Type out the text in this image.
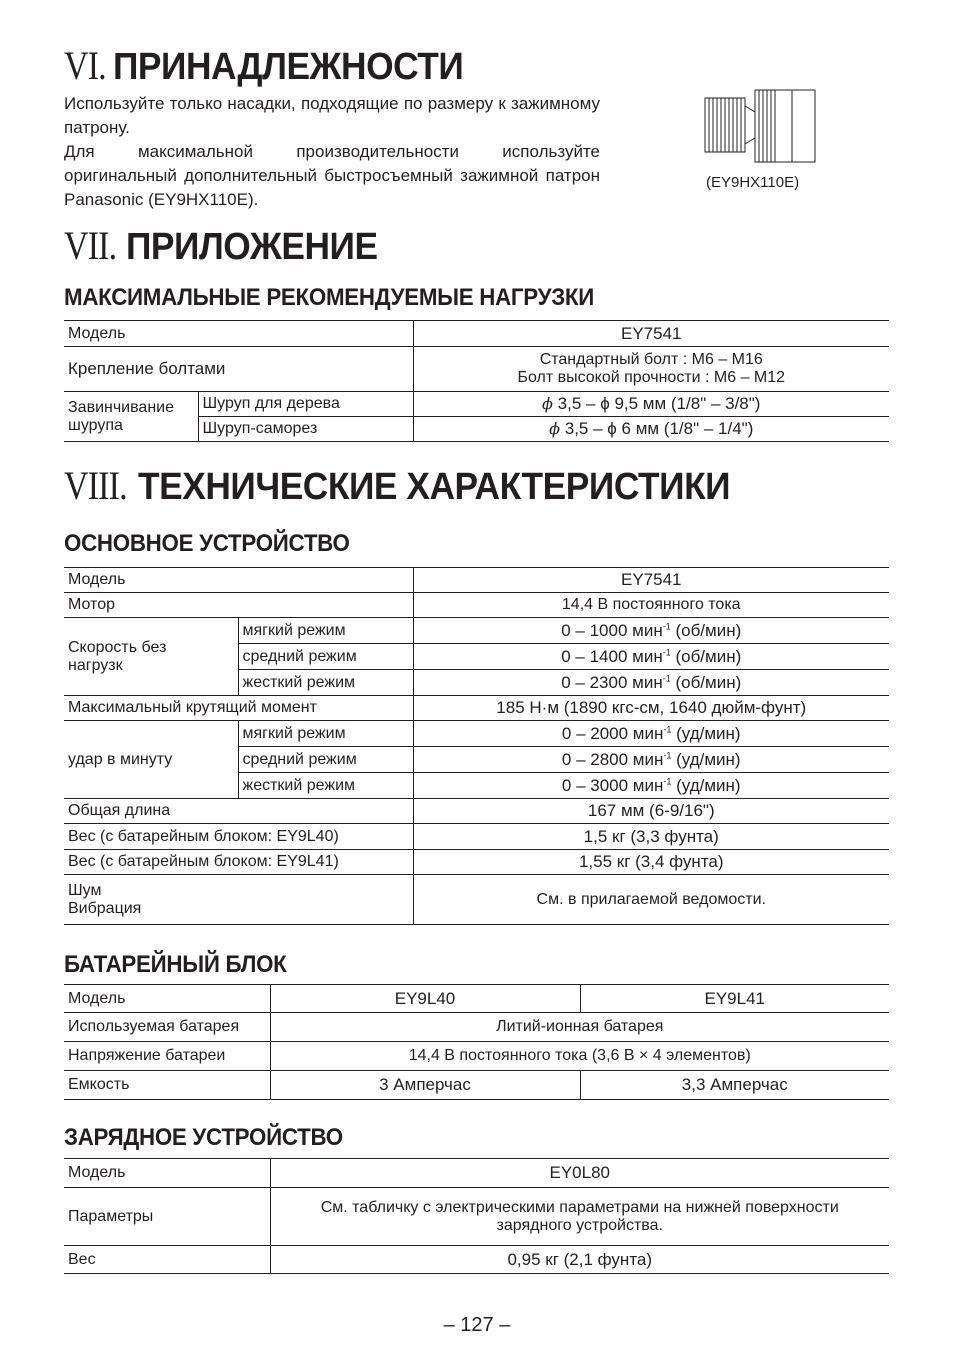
VI. ПРИНАДЛЕЖНОСТИ

Используйте только насадки, подходящие по размеру к зажимному патрону.

Для максимальной производительности используйте оригинальный дополнительный быстросъемный зажимной патрон Panasonic (EY9HX110E).

(EY9HX110E)
VII. ПРИЛОЖЕНИЕ
МАКСИМАЛЬНЫЕ РЕКОМЕНДУЕМЫЕ НАГРУЗКИ
Модель		EY7541
Крепление болтами		Стандартный болт : M6 – M16
Болт высокой прочности : M6 – M12

Завинчивание шурупа	Шуруп для дерева	ϕ 3,5 – ϕ 9,5 мм (1/8" – 3/8")
	Шуруп-саморез	ϕ 3,5 – ϕ 6 мм (1/8" – 1/4")
VIII. ТЕХНИЧЕСКИЕ ХАРАКТЕРИСТИКИ
ОСНОВНОЕ УСТРОЙСТВО
Модель		EY7541
Мотор		14,4 В постоянного тока
Скорость без нагрузк	мягкий режим	0 – 1000 мин$^{-1}$ (об/мин)
	средний режим	0 – 1400 мин$^{-1}$ (об/мин)
	жесткий режим	0 – 2300 мин$^{-1}$ (об/мин)
Максимальный крутящий момент		185 Н·м (1890 кгс-см, 1640 дюйм-фунт)
удар в минуту	мягкий режим	0 – 2000 мин$^{-1}$ (уд/мин)
	средний режим	0 – 2800 мин$^{-1}$ (уд/мин)
	жесткий режим	0 – 3000 мин$^{-1}$ (уд/мин)
Общая длина		167 мм (6-9/16")
Вес (с батарейным блоком: EY9L40)		1,5 кг (3,3 фунта)
Вес (с батарейным блоком: EY9L41)		1,55 кг (3,4 фунта)

Шум
Вибрация		См. в прилагаемой ведомости.
БАТАРЕЙНЫЙ БЛОК
Модель	EY9L40	EY9L41
Используемая батарея	Литий-ионная батарея	
Напряжение батареи	14,4 В постоянного тока (3,6 В × 4 элементов)	
Емкость	3 Амперчас	3,3 Амперчас
ЗАРЯДНОЕ УСТРОЙСТВО
Модель	EY0L80
Параметры	См. табличку с электрическими параметрами на нижней поверхности
зарядного устройства.

Вес	0,95 кг (2,1 фунта)
– 127 –
